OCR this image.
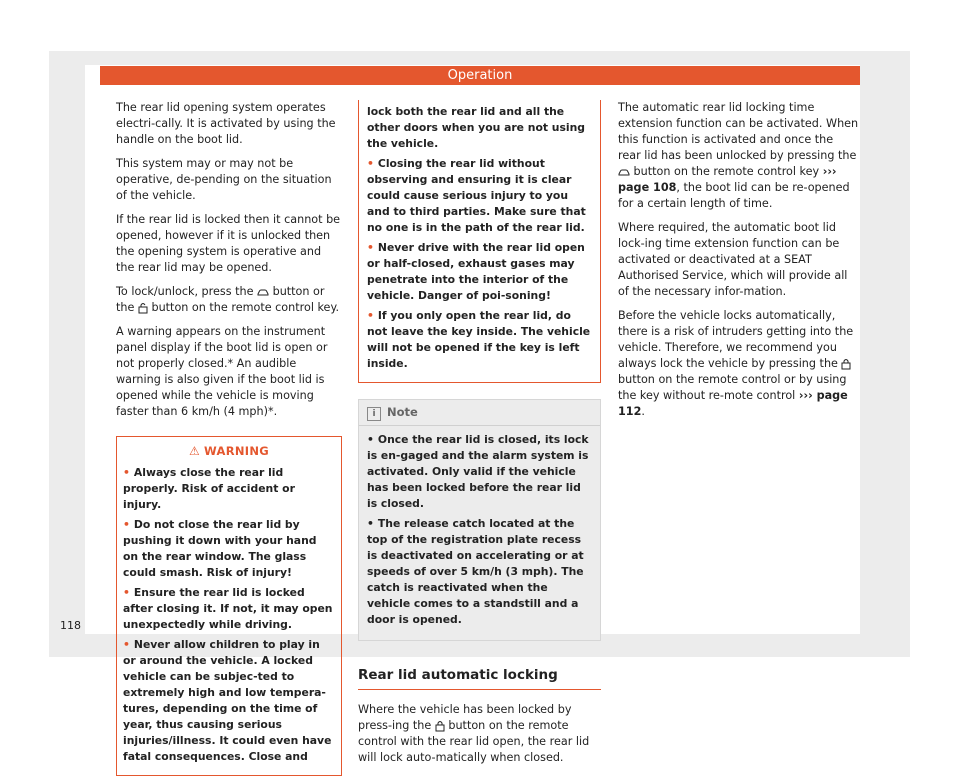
Operation

The rear lid opening system operates electri-cally. It is activated by using the handle on the boot lid.

This system may or may not be operative, de-pending on the situation of the vehicle.

If the rear lid is locked then it cannot be opened, however if it is unlocked then the opening system is operative and the rear lid may be opened.

To lock/unlock, press the  button or the  button on the remote control key.

A warning appears on the instrument panel display if the boot lid is open or not properly closed.* An audible warning is also given if the boot lid is opened while the vehicle is moving faster than 6 km/h (4 mph)*.

⚠ WARNING
• Always close the rear lid properly. Risk of accident or injury.
• Do not close the rear lid by pushing it down with your hand on the rear window. The glass could smash. Risk of injury!
• Ensure the rear lid is locked after closing it. If not, it may open unexpectedly while driving.
• Never allow children to play in or around the vehicle. A locked vehicle can be subjec-ted to extremely high and low tempera-tures, depending on the time of year, thus causing serious injuries/illness. It could even have fatal consequences. Close and
lock both the rear lid and all the other doors when you are not using the vehicle.
• Closing the rear lid without observing and ensuring it is clear could cause serious injury to you and to third parties. Make sure that no one is in the path of the rear lid.
• Never drive with the rear lid open or half-closed, exhaust gases may penetrate into the interior of the vehicle. Danger of poi-soning!
• If you only open the rear lid, do not leave the key inside. The vehicle will not be opened if the key is left inside.
i Note
• Once the rear lid is closed, its lock is en-gaged and the alarm system is activated. Only valid if the vehicle has been locked before the rear lid is closed.
• The release catch located at the top of the registration plate recess is deactivated on accelerating or at speeds of over 5 km/h (3 mph). The catch is reactivated when the vehicle comes to a standstill and a door is opened.
Rear lid automatic locking

Where the vehicle has been locked by press-ing the  button on the remote control with the rear lid open, the rear lid will lock auto-matically when closed.

The automatic rear lid locking time extension function can be activated. When this function is activated and once the rear lid has been unlocked by pressing the  button on the remote control key ››› page 108, the boot lid can be re-opened for a certain length of time.

Where required, the automatic boot lid lock-ing time extension function can be activated or deactivated at a SEAT Authorised Service, which will provide all of the necessary infor-mation.

Before the vehicle locks automatically, there is a risk of intruders getting into the vehicle. Therefore, we recommend you always lock the vehicle by pressing the  button on the remote control or by using the key without re-mote control ››› page 112.

118
